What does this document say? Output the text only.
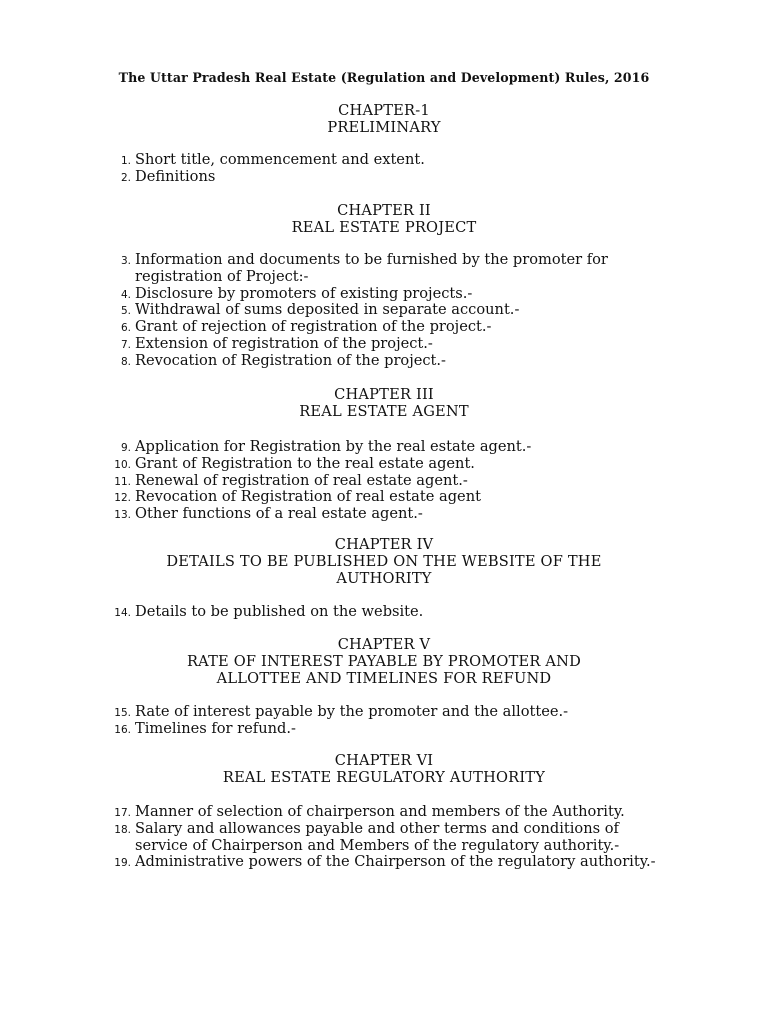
The Uttar Pradesh Real Estate (Regulation and Development) Rules, 2016
CHAPTER-1
PRELIMINARY
1. Short title, commencement and extent.
2. Definitions
CHAPTER II
REAL ESTATE PROJECT
3. Information and documents to be furnished by the promoter for registration of Project:-
4. Disclosure by promoters of existing projects.-
5. Withdrawal of sums deposited in separate account.-
6. Grant of rejection of registration of the project.-
7. Extension of registration of the project.-
8. Revocation of Registration of the project.-
CHAPTER III
REAL ESTATE AGENT
9. Application for Registration by the real estate agent.-
10. Grant of Registration to the real estate agent.
11. Renewal of registration of real estate agent.-
12. Revocation of Registration of real estate agent
13. Other functions of a real estate agent.-
CHAPTER IV
DETAILS TO BE PUBLISHED ON THE WEBSITE OF THE
AUTHORITY
14. Details to be published on the website.
CHAPTER V
RATE OF INTEREST PAYABLE BY PROMOTER AND
ALLOTTEE AND TIMELINES FOR REFUND
15. Rate of interest payable by the promoter and the allottee.-
16. Timelines for refund.-
CHAPTER VI
REAL ESTATE REGULATORY AUTHORITY
17. Manner of selection of chairperson and members of the Authority.
18. Salary and allowances payable and other terms and conditions of service of Chairperson and Members of the regulatory authority.-
19. Administrative powers of the Chairperson of the regulatory authority.-
